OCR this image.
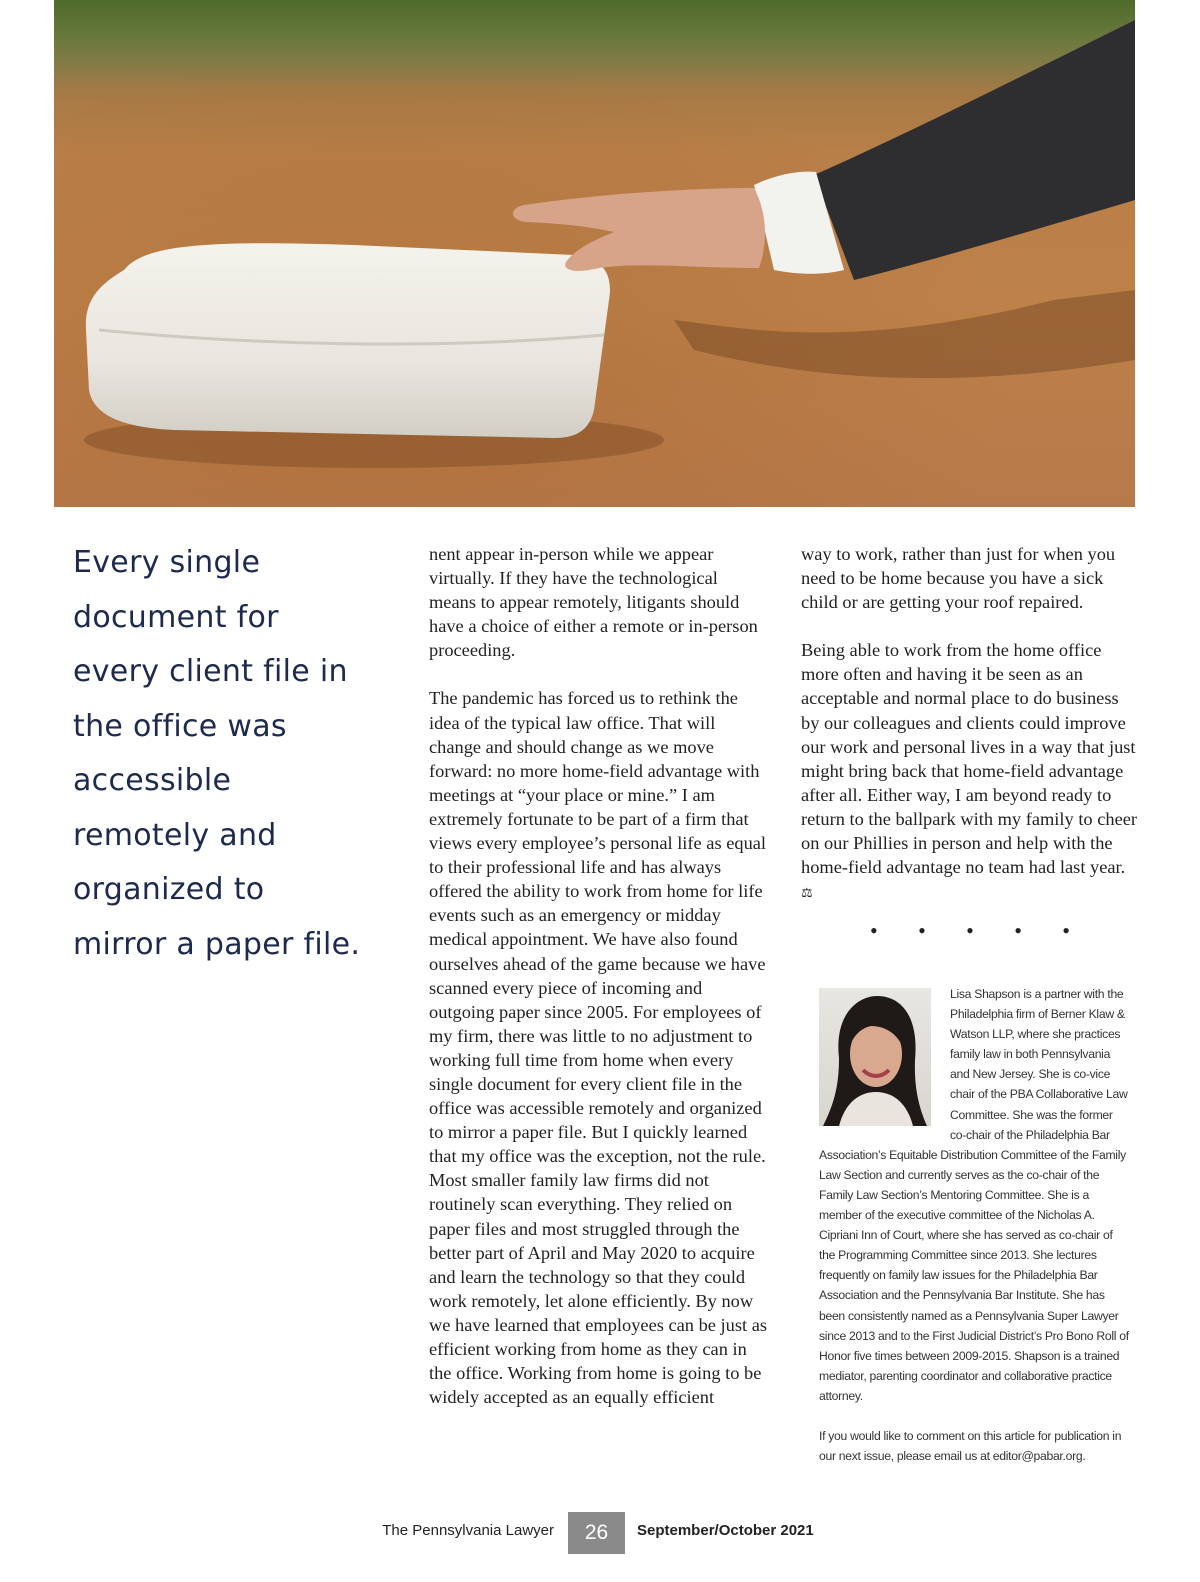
Every single document for every client file in the office was accessible remotely and organized to mirror a paper file.

nent appear in-person while we appear virtually. If they have the technological means to appear remotely, litigants should have a choice of either a remote or in-person proceeding.

The pandemic has forced us to rethink the idea of the typical law office. That will change and should change as we move forward: no more home-field advantage with meetings at “your place or mine.” I am extremely fortunate to be part of a firm that views every employee’s personal life as equal to their professional life and has always offered the ability to work from home for life events such as an emergency or midday medical appointment. We have also found ourselves ahead of the game because we have scanned every piece of incoming and outgoing paper since 2005. For employees of my firm, there was little to no adjustment to working full time from home when every single document for every client file in the office was accessible remotely and organized to mirror a paper file. But I quickly learned that my office was the exception, not the rule. Most smaller family law firms did not routinely scan everything. They relied on paper files and most struggled through the better part of April and May 2020 to acquire and learn the technology so that they could work remotely, let alone efficiently. By now we have learned that employees can be just as efficient working from home as they can in the office. Working from home is going to be widely accepted as an equally efficient

way to work, rather than just for when you need to be home because you have a sick child or are getting your roof repaired.

Being able to work from the home office more often and having it be seen as an acceptable and normal place to do business by our colleagues and clients could improve our work and personal lives in a way that just might bring back that home-field advantage after all. Either way, I am beyond ready to return to the ballpark with my family to cheer on our Phillies in person and help with the home-field advantage no team had last year. ⚖

• • • • •

Lisa Shapson is a partner with the Philadelphia firm of Berner Klaw & Watson LLP, where she practices family law in both Pennsylvania and New Jersey. She is co-vice chair of the PBA Collaborative Law Committee. She was the former co-chair of the Philadelphia Bar Association’s Equitable Distribution Committee of the Family Law Section and currently serves as the co-chair of the Family Law Section’s Mentoring Committee. She is a member of the executive committee of the Nicholas A. Cipriani Inn of Court, where she has served as co-chair of the Programming Committee since 2013. She lectures frequently on family law issues for the Philadelphia Bar Association and the Pennsylvania Bar Institute. She has been consistently named as a Pennsylvania Super Lawyer since 2013 and to the First Judicial District’s Pro Bono Roll of Honor five times between 2009-2015. Shapson is a trained mediator, parenting coordinator and collaborative practice attorney.

If you would like to comment on this article for publication in our next issue, please email us at editor@pabar.org.

The Pennsylvania Lawyer	26	September/October 2021
